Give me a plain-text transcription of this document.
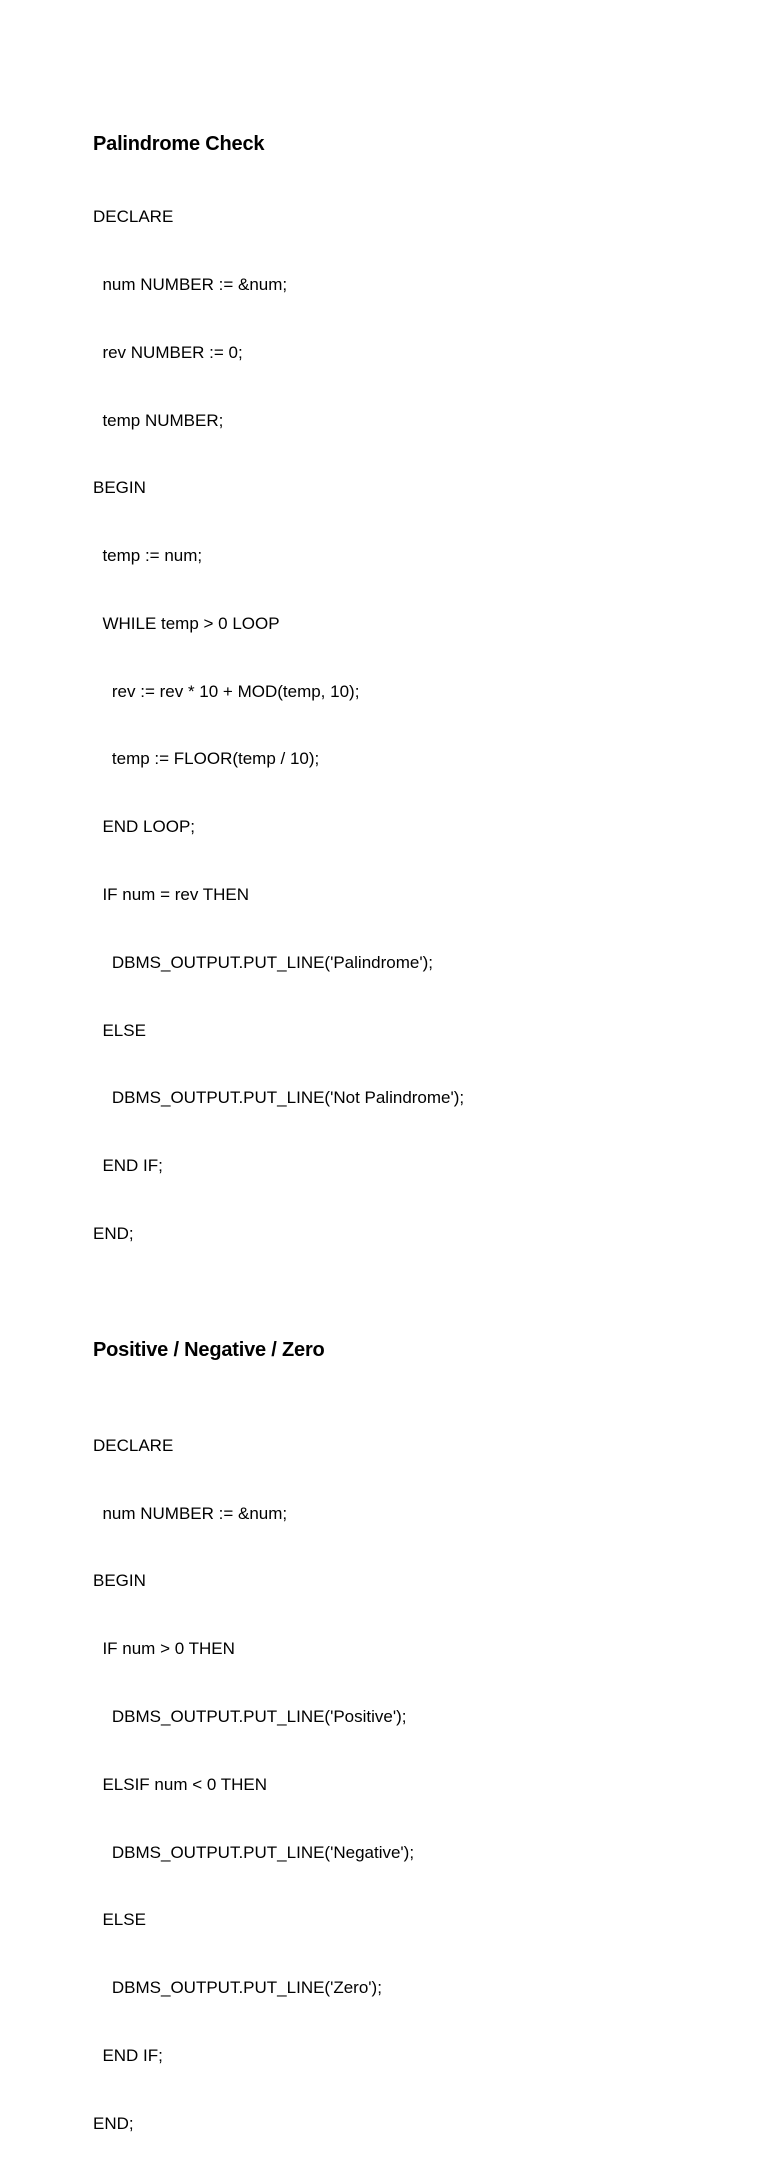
Palindrome Check

DECLARE

num NUMBER := &num;

rev NUMBER := 0;

temp NUMBER;

BEGIN

temp := num;

WHILE temp > 0 LOOP

rev := rev * 10 + MOD(temp, 10);

temp := FLOOR(temp / 10);

END LOOP;

IF num = rev THEN

DBMS_OUTPUT.PUT_LINE('Palindrome');

ELSE

DBMS_OUTPUT.PUT_LINE('Not Palindrome');

END IF;

END;

Positive / Negative / Zero

DECLARE

num NUMBER := &num;

BEGIN

IF num > 0 THEN

DBMS_OUTPUT.PUT_LINE('Positive');

ELSIF num < 0 THEN

DBMS_OUTPUT.PUT_LINE('Negative');

ELSE

DBMS_OUTPUT.PUT_LINE('Zero');

END IF;

END;
